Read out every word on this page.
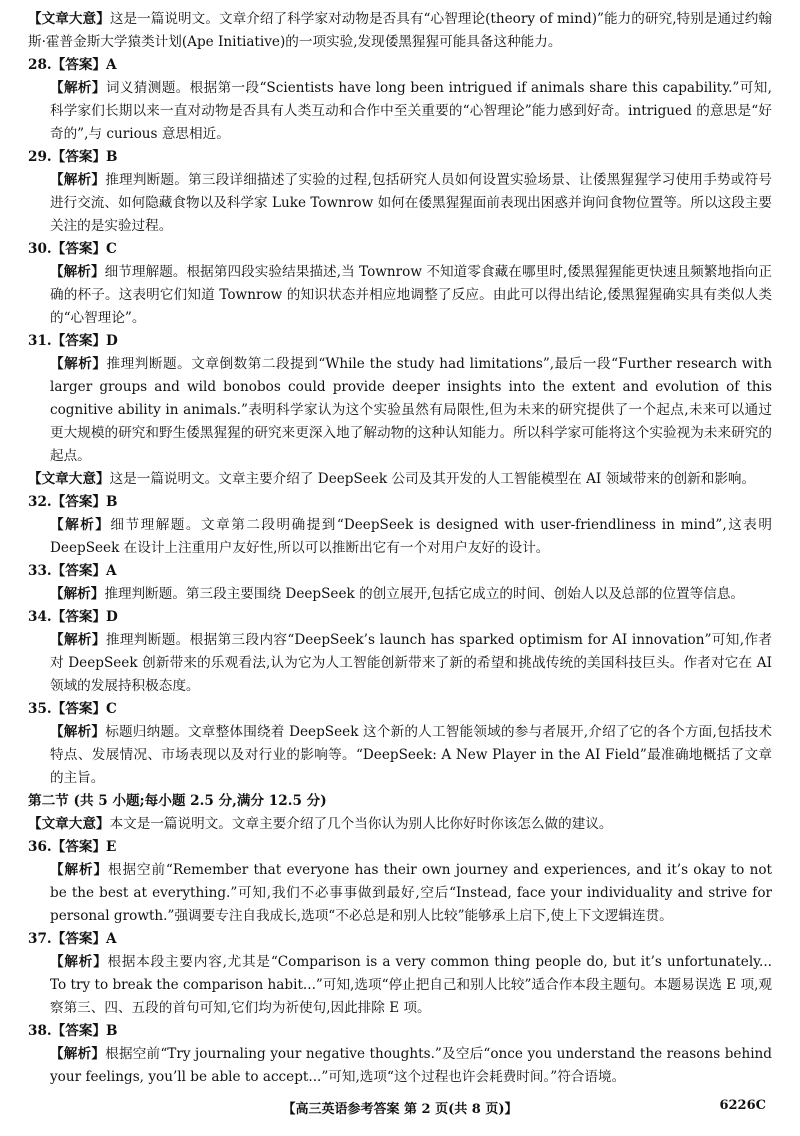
【文章大意】这是一篇说明文。文章介绍了科学家对动物是否具有“心智理论(theory of mind)”能力的研究,特别是通过约翰斯·霍普金斯大学猿类计划(Ape Initiative)的一项实验,发现倭黑猩猩可能具备这种能力。

28.【答案】A

【解析】词义猜测题。根据第一段“Scientists have long been intrigued if animals share this capability.”可知,科学家们长期以来一直对动物是否具有人类互动和合作中至关重要的“心智理论”能力感到好奇。intrigued 的意思是“好奇的”,与 curious 意思相近。

29.【答案】B

【解析】推理判断题。第三段详细描述了实验的过程,包括研究人员如何设置实验场景、让倭黑猩猩学习使用手势或符号进行交流、如何隐藏食物以及科学家 Luke Townrow 如何在倭黑猩猩面前表现出困惑并询问食物位置等。所以这段主要关注的是实验过程。

30.【答案】C

【解析】细节理解题。根据第四段实验结果描述,当 Townrow 不知道零食藏在哪里时,倭黑猩猩能更快速且频繁地指向正确的杯子。这表明它们知道 Townrow 的知识状态并相应地调整了反应。由此可以得出结论,倭黑猩猩确实具有类似人类的“心智理论”。

31.【答案】D

【解析】推理判断题。文章倒数第二段提到“While the study had limitations”,最后一段“Further research with larger groups and wild bonobos could provide deeper insights into the extent and evolution of this cognitive ability in animals.”表明科学家认为这个实验虽然有局限性,但为未来的研究提供了一个起点,未来可以通过更大规模的研究和野生倭黑猩猩的研究来更深入地了解动物的这种认知能力。所以科学家可能将这个实验视为未来研究的起点。

【文章大意】这是一篇说明文。文章主要介绍了 DeepSeek 公司及其开发的人工智能模型在 AI 领域带来的创新和影响。

32.【答案】B

【解析】细节理解题。文章第二段明确提到“DeepSeek is designed with user-friendliness in mind”,这表明 DeepSeek 在设计上注重用户友好性,所以可以推断出它有一个对用户友好的设计。

33.【答案】A

【解析】推理判断题。第三段主要围绕 DeepSeek 的创立展开,包括它成立的时间、创始人以及总部的位置等信息。

34.【答案】D

【解析】推理判断题。根据第三段内容“DeepSeek’s launch has sparked optimism for AI innovation”可知,作者对 DeepSeek 创新带来的乐观看法,认为它为人工智能创新带来了新的希望和挑战传统的美国科技巨头。作者对它在 AI 领域的发展持积极态度。

35.【答案】C

【解析】标题归纳题。文章整体围绕着 DeepSeek 这个新的人工智能领域的参与者展开,介绍了它的各个方面,包括技术特点、发展情况、市场表现以及对行业的影响等。“DeepSeek: A New Player in the AI Field”最准确地概括了文章的主旨。

第二节 (共 5 小题;每小题 2.5 分,满分 12.5 分)

【文章大意】本文是一篇说明文。文章主要介绍了几个当你认为别人比你好时你该怎么做的建议。

36.【答案】E

【解析】根据空前“Remember that everyone has their own journey and experiences, and it’s okay to not be the best at everything.”可知,我们不必事事做到最好,空后“Instead, face your individuality and strive for personal growth.”强调要专注自我成长,选项“不必总是和别人比较”能够承上启下,使上下文逻辑连贯。

37.【答案】A

【解析】根据本段主要内容,尤其是“Comparison is a very common thing people do, but it’s unfortunately... To try to break the comparison habit...”可知,选项“停止把自己和别人比较”适合作本段主题句。本题易误选 E 项,观察第三、四、五段的首句可知,它们均为祈使句,因此排除 E 项。

38.【答案】B

【解析】根据空前“Try journaling your negative thoughts.”及空后“once you understand the reasons behind your feelings, you’ll be able to accept...”可知,选项“这个过程也许会耗费时间。”符合语境。

【高三英语参考答案 第 2 页(共 8 页)】	6226C
